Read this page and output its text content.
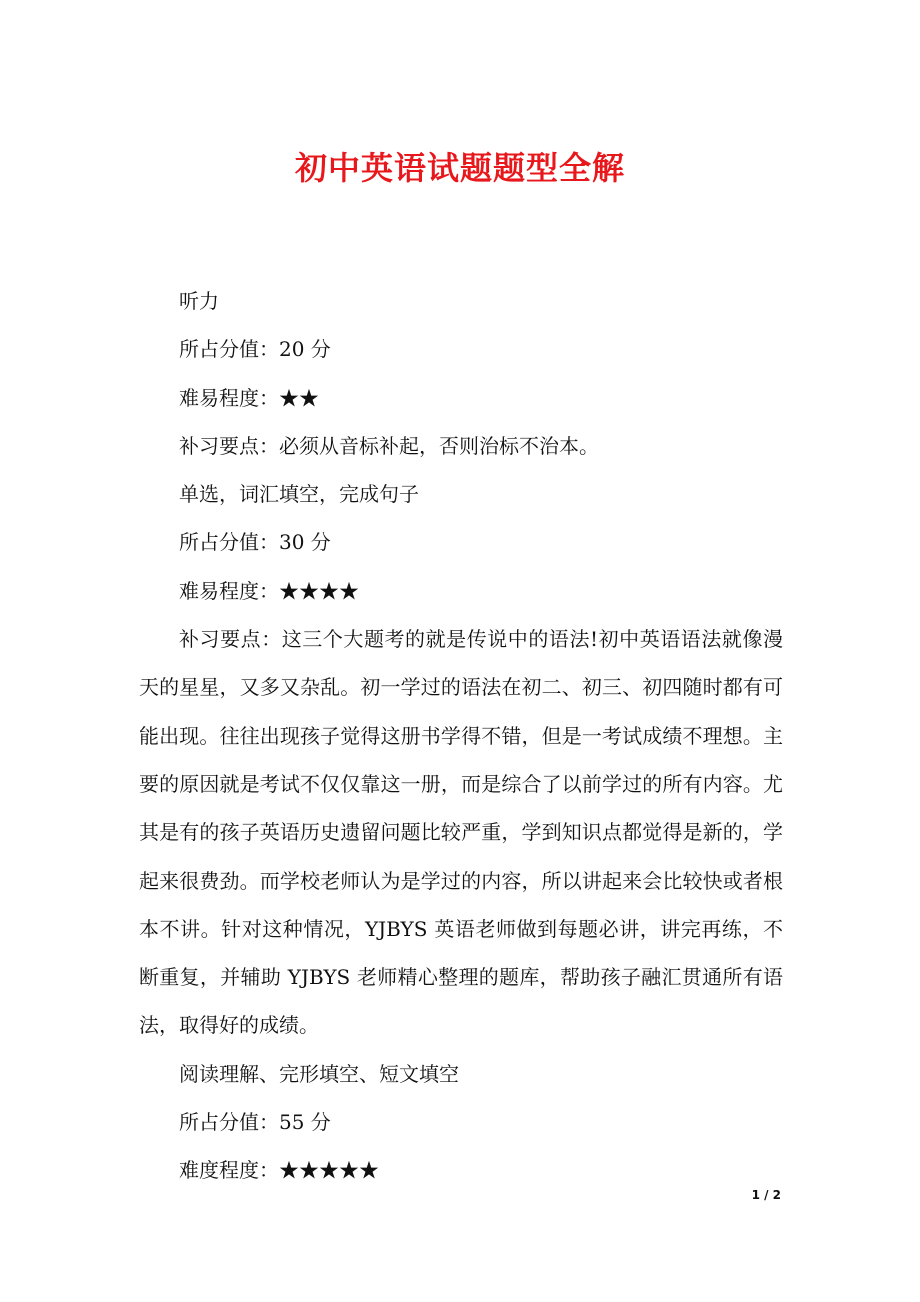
初中英语试题题型全解

听力

所占分值：20 分

难易程度：★★

补习要点：必须从音标补起，否则治标不治本。

单选，词汇填空，完成句子

所占分值：30 分

难易程度：★★★★

补习要点：这三个大题考的就是传说中的语法!初中英语语法就像漫天的星星，又多又杂乱。初一学过的语法在初二、初三、初四随时都有可能出现。往往出现孩子觉得这册书学得不错，但是一考试成绩不理想。主要的原因就是考试不仅仅靠这一册，而是综合了以前学过的所有内容。尤其是有的孩子英语历史遗留问题比较严重，学到知识点都觉得是新的，学起来很费劲。而学校老师认为是学过的内容，所以讲起来会比较快或者根本不讲。针对这种情况，YJBYS 英语老师做到每题必讲，讲完再练，不断重复，并辅助 YJBYS 老师精心整理的题库，帮助孩子融汇贯通所有语法，取得好的成绩。

阅读理解、完形填空、短文填空

所占分值：55 分

难度程度：★★★★★

1 / 2
